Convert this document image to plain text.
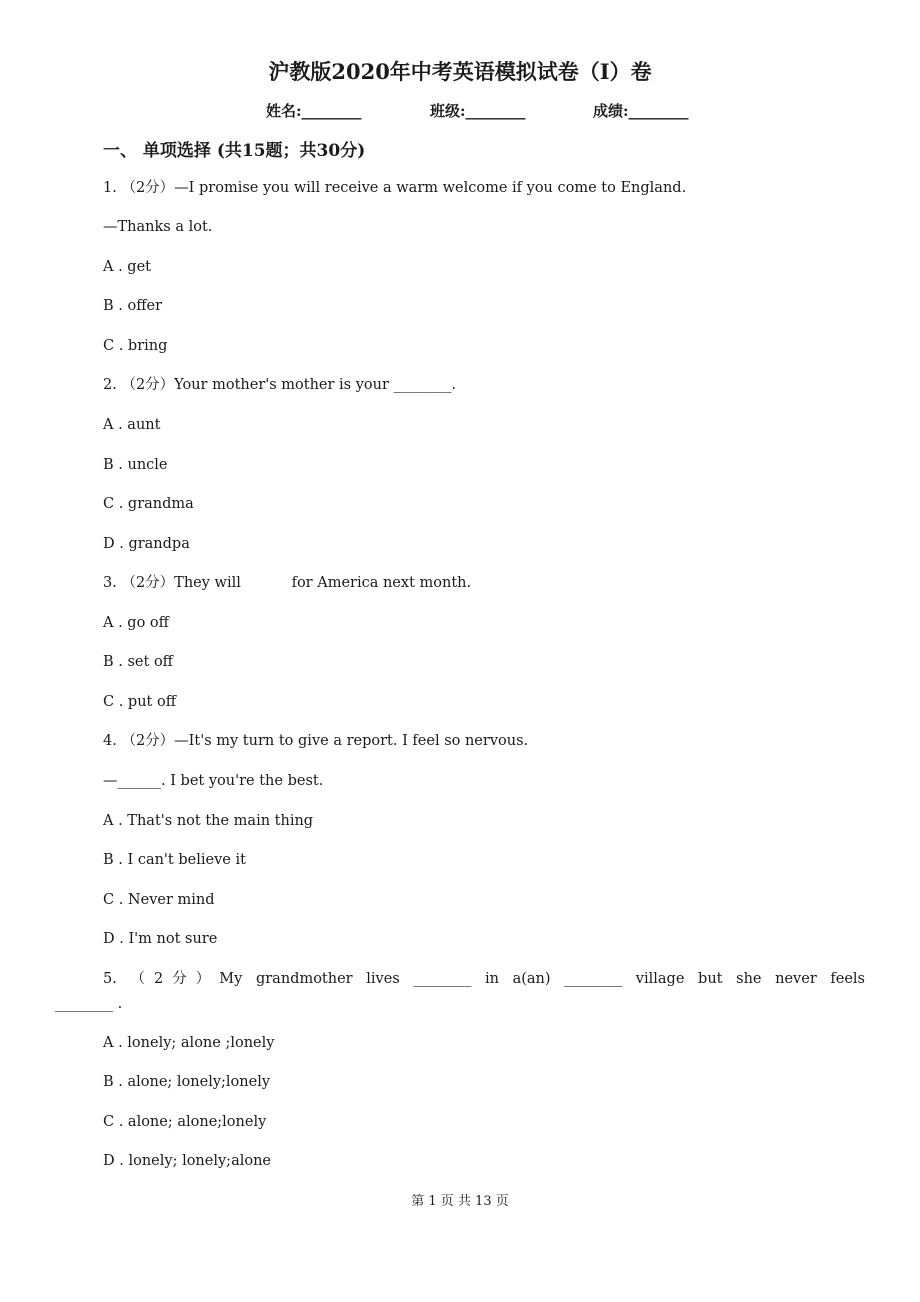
沪教版2020年中考英语模拟试卷（I）卷
姓名:________	班级:________	成绩:________
一、 单项选择 (共15题；共30分)
1. （2分）—I promise you will receive a warm welcome if you come to England.
—Thanks a lot.
A . get
B . offer
C . bring
2. （2分）Your mother's mother is your ________.
A . aunt
B . uncle
C . grandma
D . grandpa
3. （2分）They will           for America next month.
A . go off
B . set off
C . put off
4. （2分）—It's my turn to give a report. I feel so nervous.
—______. I bet you're the best.
A . That's not the main thing
B . I can't believe it
C . Never mind
D . I'm not sure
5. （2分）My grandmother lives ________ in a(an) ________ village but she never feels
________ .
A . lonely; alone ;lonely
B . alone; lonely;lonely
C . alone; alone;lonely
D . lonely; lonely;alone
第 1 页 共 13 页
